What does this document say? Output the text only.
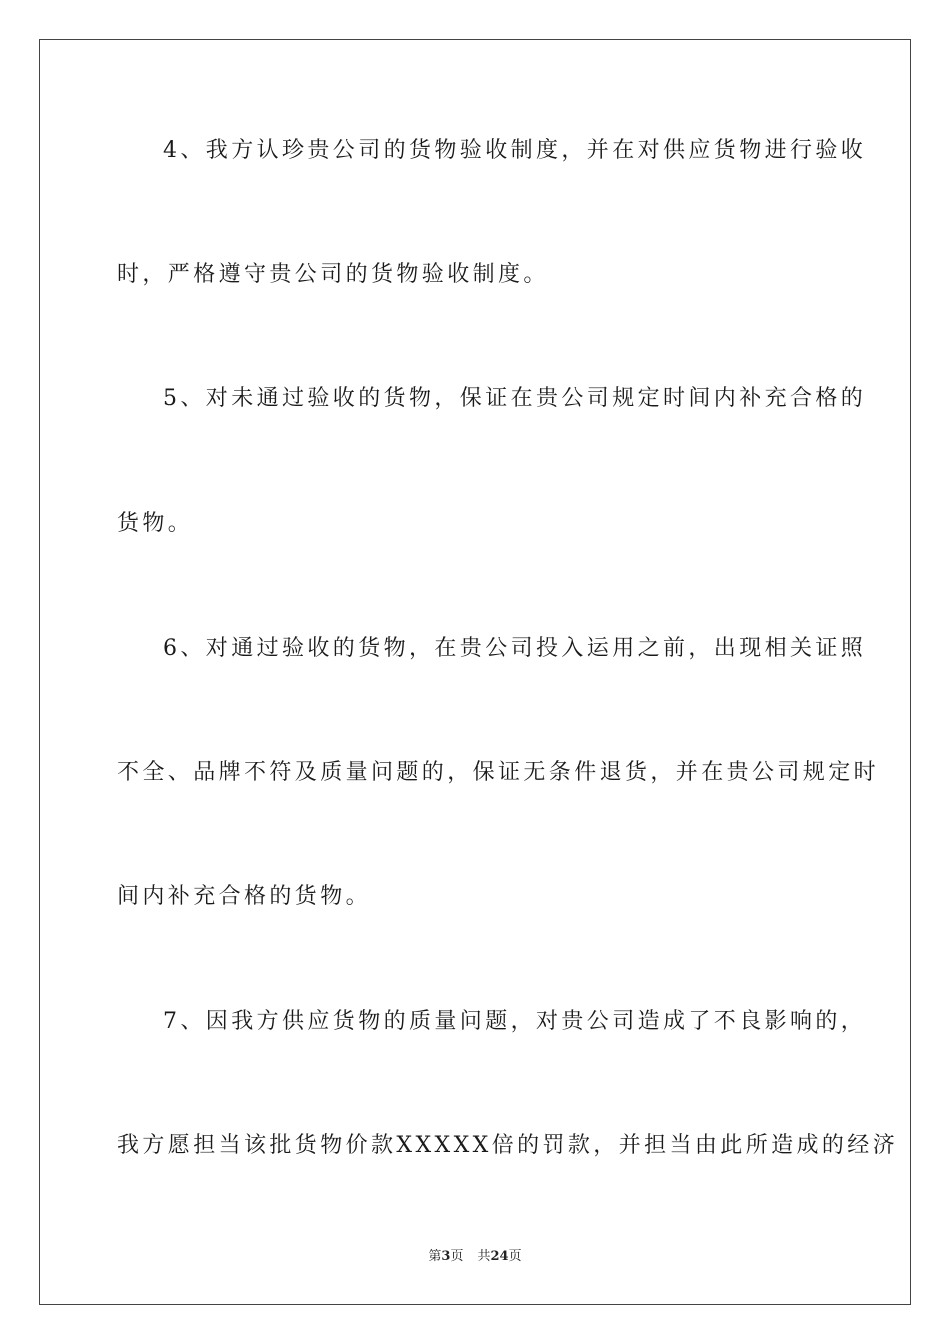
4、我方认珍贵公司的货物验收制度，并在对供应货物进行验收
时，严格遵守贵公司的货物验收制度。
5、对未通过验收的货物，保证在贵公司规定时间内补充合格的
货物。
6、对通过验收的货物，在贵公司投入运用之前，出现相关证照
不全、品牌不符及质量问题的，保证无条件退货，并在贵公司规定时
间内补充合格的货物。
7、因我方供应货物的质量问题，对贵公司造成了不良影响的，
我方愿担当该批货物价款XXXXX倍的罚款，并担当由此所造成的经济
第3页 共24页
